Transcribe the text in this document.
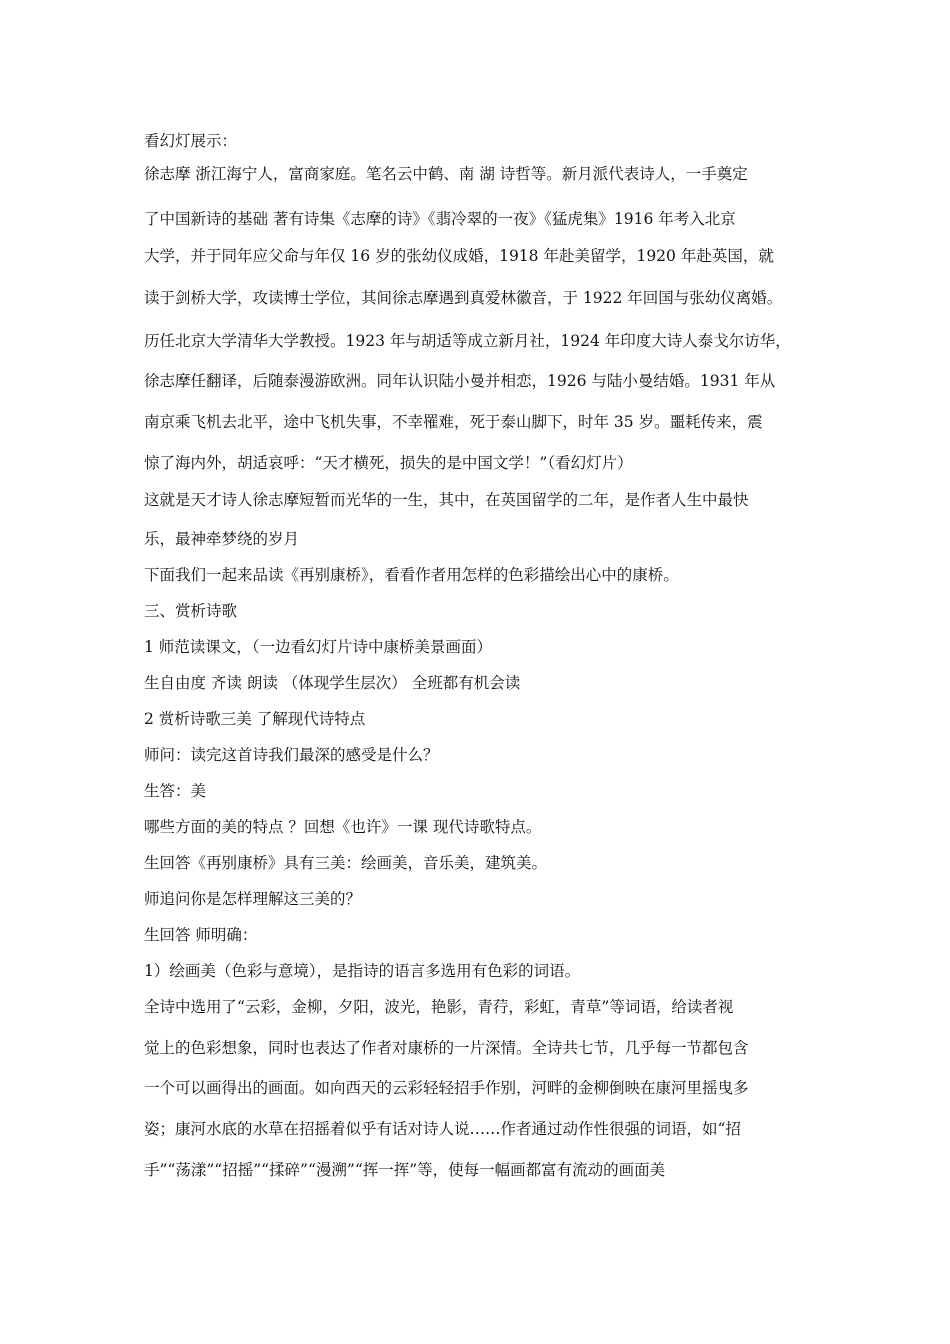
看幻灯展示：
徐志摩 浙江海宁人，富商家庭。笔名云中鹤、南 湖 诗哲等。新月派代表诗人，一手奠定
了中国新诗的基础 著有诗集《志摩的诗》《翡冷翠的一夜》《猛虎集》1916 年考入北京
大学，并于同年应父命与年仅 16 岁的张幼仪成婚，1918 年赴美留学，1920 年赴英国，就
读于剑桥大学，攻读博士学位，其间徐志摩遇到真爱林徽音，于 1922 年回国与张幼仪离婚。
历任北京大学清华大学教授。1923 年与胡适等成立新月社，1924 年印度大诗人泰戈尔访华，
徐志摩任翻译，后随泰漫游欧洲。同年认识陆小曼并相恋，1926 与陆小曼结婚。1931 年从
南京乘飞机去北平，途中飞机失事，不幸罹难，死于泰山脚下，时年 35 岁。噩耗传来，震
惊了海内外，胡适哀呼：“天才横死，损失的是中国文学！”（看幻灯片）
这就是天才诗人徐志摩短暂而光华的一生，其中，在英国留学的二年，是作者人生中最快
乐，最神牵梦绕的岁月
下面我们一起来品读《再别康桥》，看看作者用怎样的色彩描绘出心中的康桥。
三、赏析诗歌
1 师范读课文，（一边看幻灯片诗中康桥美景画面）
生自由度 齐读 朗读 （体现学生层次） 全班都有机会读
2 赏析诗歌三美 了解现代诗特点
师问：读完这首诗我们最深的感受是什么？
生答：美
哪些方面的美的特点 ？回想《也许》一课 现代诗歌特点。
生回答《再别康桥》具有三美：绘画美，音乐美，建筑美。
师追问你是怎样理解这三美的？
生回答 师明确：
1）绘画美（色彩与意境），是指诗的语言多选用有色彩的词语。
全诗中选用了“云彩，金柳，夕阳，波光，艳影，青荇，彩虹，青草”等词语，给读者视
觉上的色彩想象，同时也表达了作者对康桥的一片深情。全诗共七节，几乎每一节都包含
一个可以画得出的画面。如向西天的云彩轻轻招手作别，河畔的金柳倒映在康河里摇曳多
姿；康河水底的水草在招摇着似乎有话对诗人说……作者通过动作性很强的词语，如“招
手”“荡漾”“招摇”“揉碎”“漫溯”“挥一挥”等，使每一幅画都富有流动的画面美
